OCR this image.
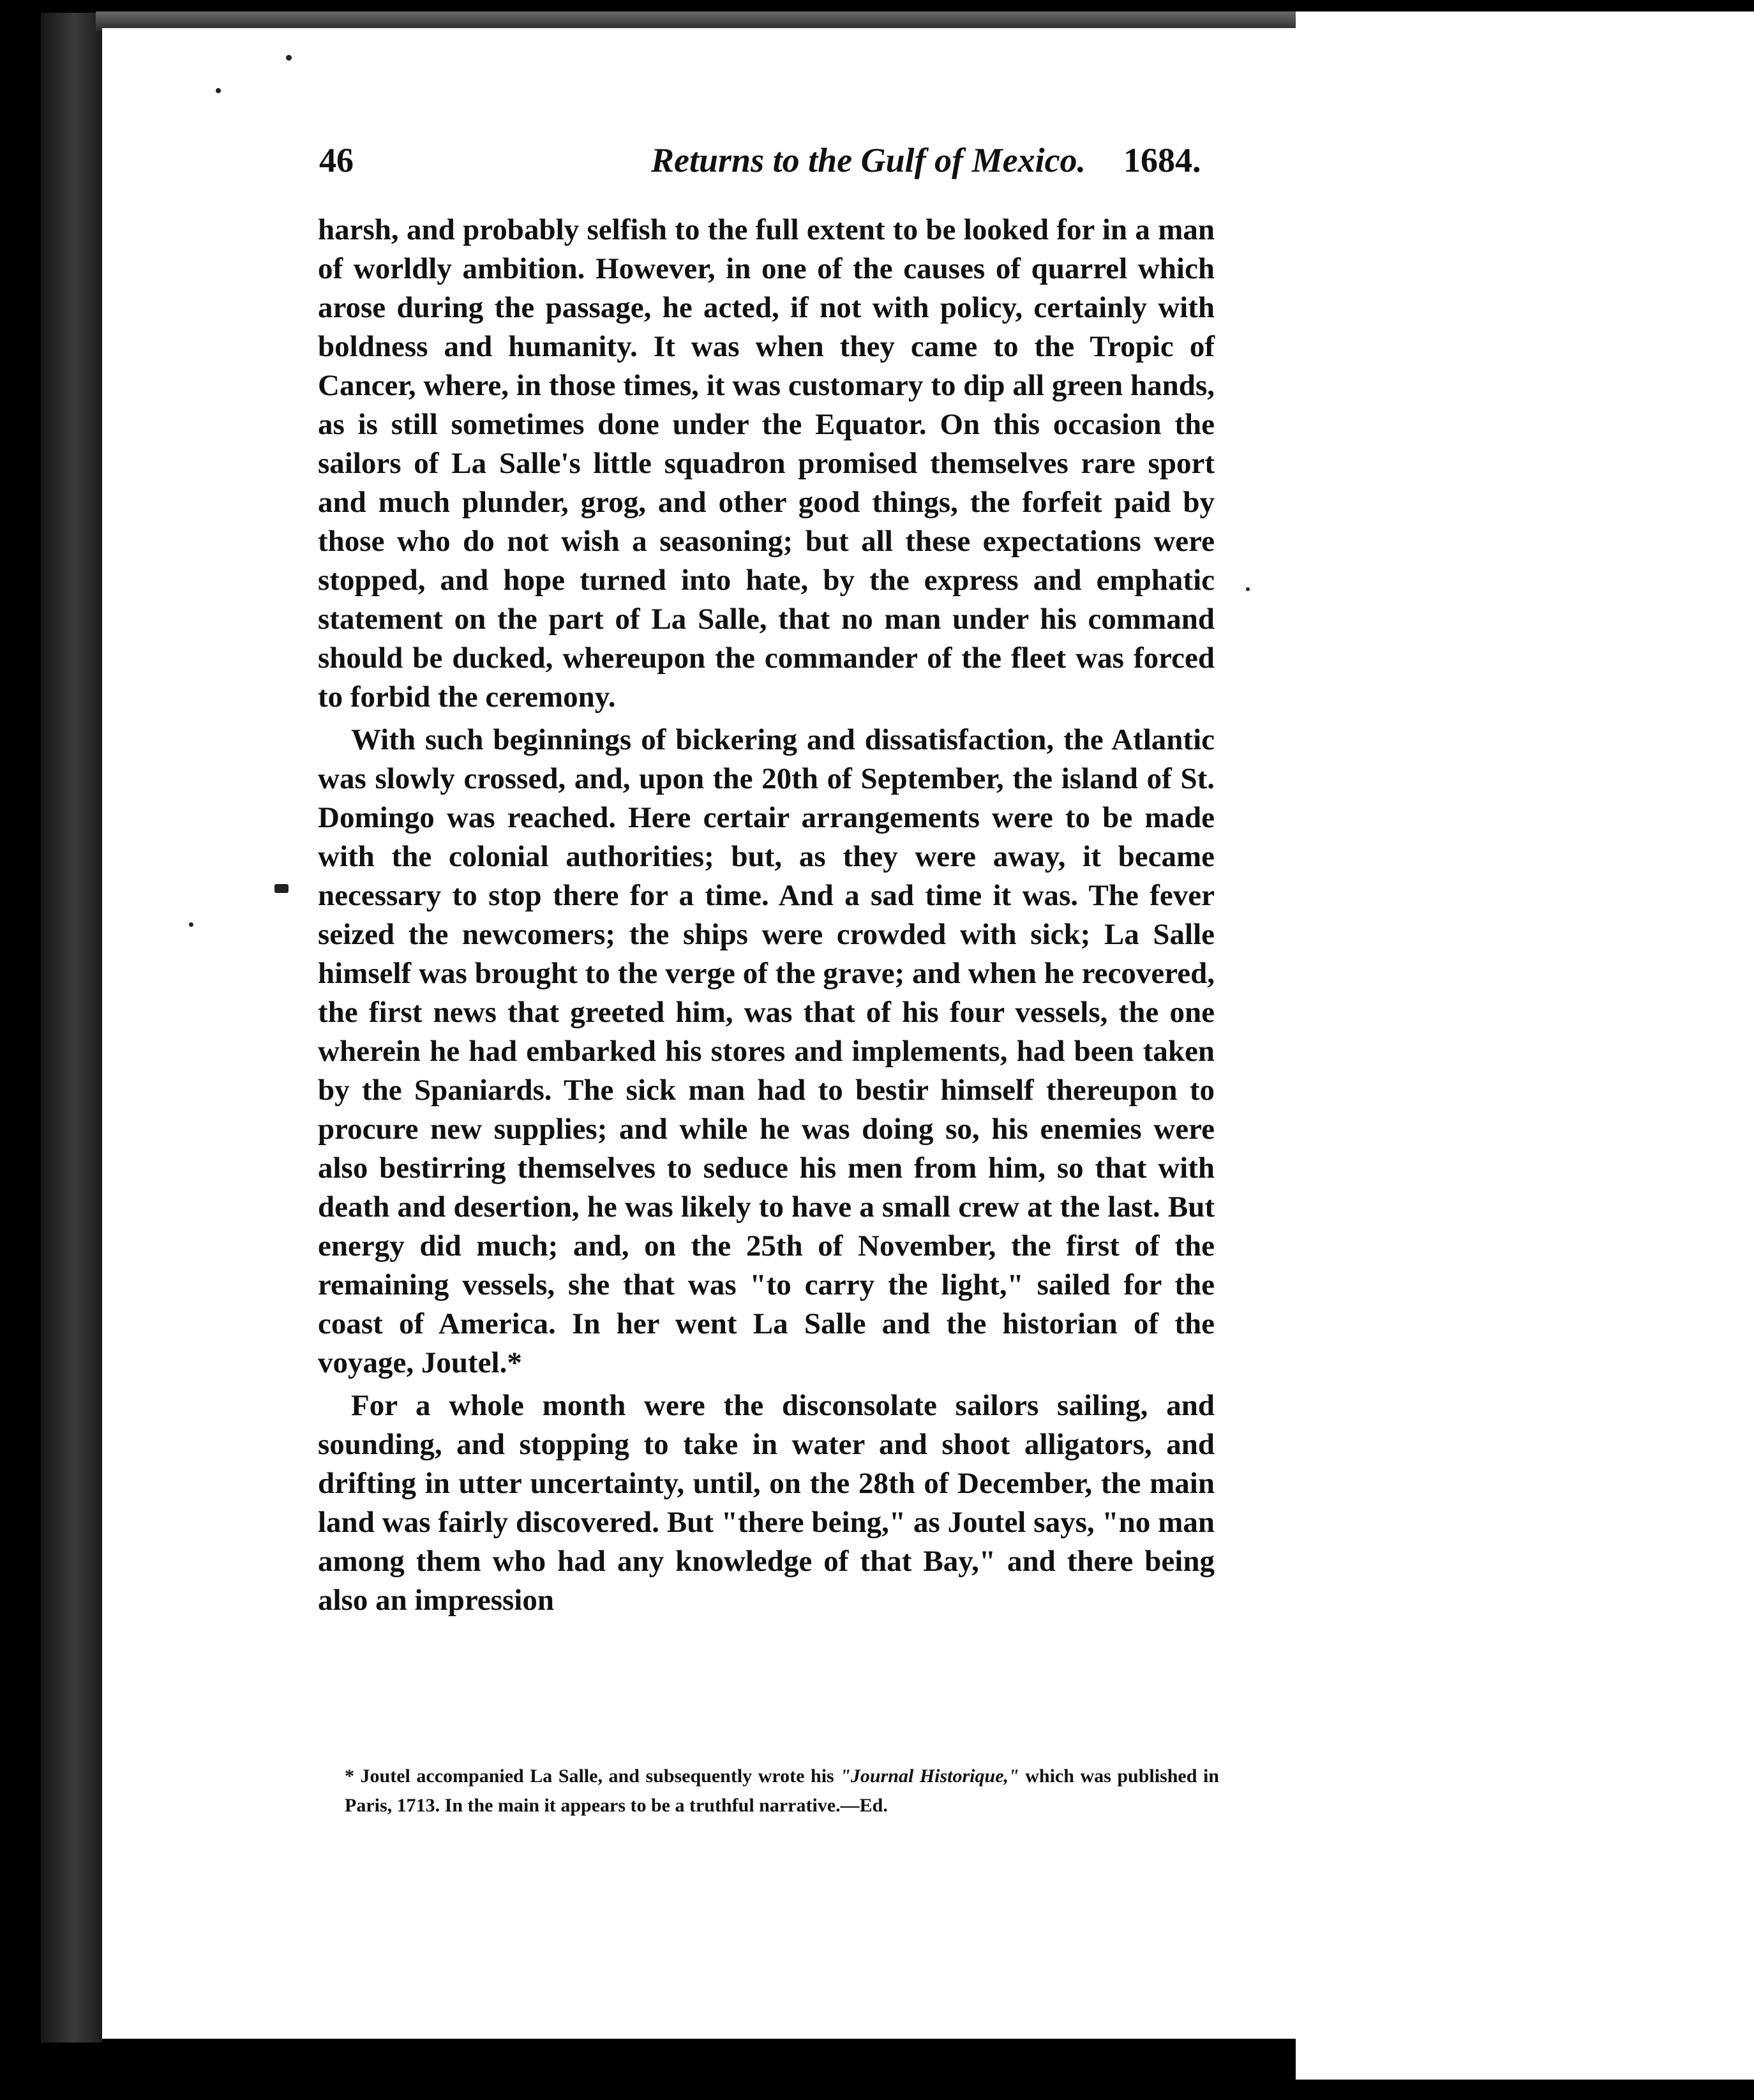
46	Returns to the Gulf of Mexico. 1684.

harsh, and probably selfish to the full extent to be looked for in a man of worldly ambition. However, in one of the causes of quarrel which arose during the passage, he acted, if not with policy, certainly with boldness and humanity. It was when they came to the Tropic of Cancer, where, in those times, it was customary to dip all green hands, as is still sometimes done under the Equator. On this occasion the sailors of La Salle's little squadron promised themselves rare sport and much plunder, grog, and other good things, the forfeit paid by those who do not wish a seasoning; but all these expectations were stopped, and hope turned into hate, by the express and emphatic statement on the part of La Salle, that no man under his command should be ducked, whereupon the commander of the fleet was forced to forbid the ceremony.

With such beginnings of bickering and dissatisfaction, the Atlantic was slowly crossed, and, upon the 20th of September, the island of St. Domingo was reached. Here certair arrangements were to be made with the colonial authorities; but, as they were away, it became necessary to stop there for a time. And a sad time it was. The fever seized the newcomers; the ships were crowded with sick; La Salle himself was brought to the verge of the grave; and when he recovered, the first news that greeted him, was that of his four vessels, the one wherein he had embarked his stores and implements, had been taken by the Spaniards. The sick man had to bestir himself thereupon to procure new supplies; and while he was doing so, his enemies were also bestirring themselves to seduce his men from him, so that with death and desertion, he was likely to have a small crew at the last. But energy did much; and, on the 25th of November, the first of the remaining vessels, she that was "to carry the light," sailed for the coast of America. In her went La Salle and the historian of the voyage, Joutel.*

For a whole month were the disconsolate sailors sailing, and sounding, and stopping to take in water and shoot alligators, and drifting in utter uncertainty, until, on the 28th of December, the main land was fairly discovered. But "there being," as Joutel says, "no man among them who had any knowledge of that Bay," and there being also an impression

* Joutel accompanied La Salle, and subsequently wrote his "Journal Historique," which was published in Paris, 1713. In the main it appears to be a truthful narrative.—Ed.
